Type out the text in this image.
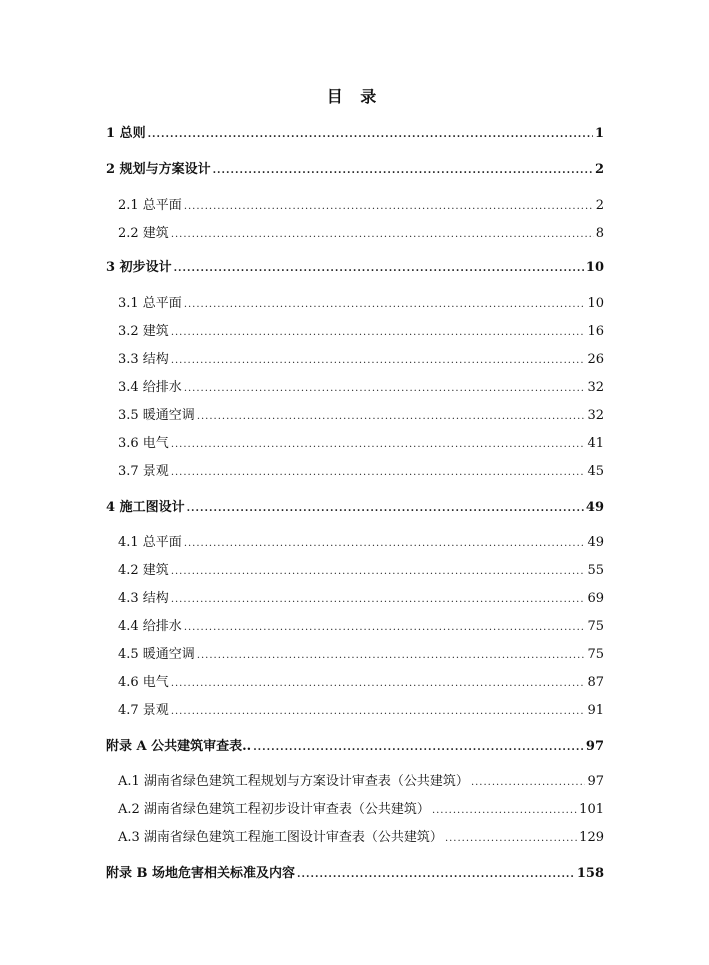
目 录
1 总则 .....	1
2 规划与方案设计 .....	2
2.1 总平面 .....	2
2.2 建筑 .....	8
3 初步设计 .....	10
3.1 总平面 .....	10
3.2 建筑 .....	16
3.3 结构 .....	26
3.4 给排水 .....	32
3.5 暖通空调 .....	32
3.6 电气 .....	41
3.7 景观 .....	45
4 施工图设计 .....	49
4.1 总平面 .....	49
4.2 建筑 .....	55
4.3 结构 .....	69
4.4 给排水 .....	75
4.5 暖通空调 .....	75
4.6 电气 .....	87
4.7 景观 .....	91
附录 A 公共建筑审查表.. .....	97
A.1 湖南省绿色建筑工程规划与方案设计审查表（公共建筑） .....	97
A.2 湖南省绿色建筑工程初步设计审查表（公共建筑） .....	101
A.3 湖南省绿色建筑工程施工图设计审查表（公共建筑） .....	129
附录 B 场地危害相关标准及内容 .....	158
